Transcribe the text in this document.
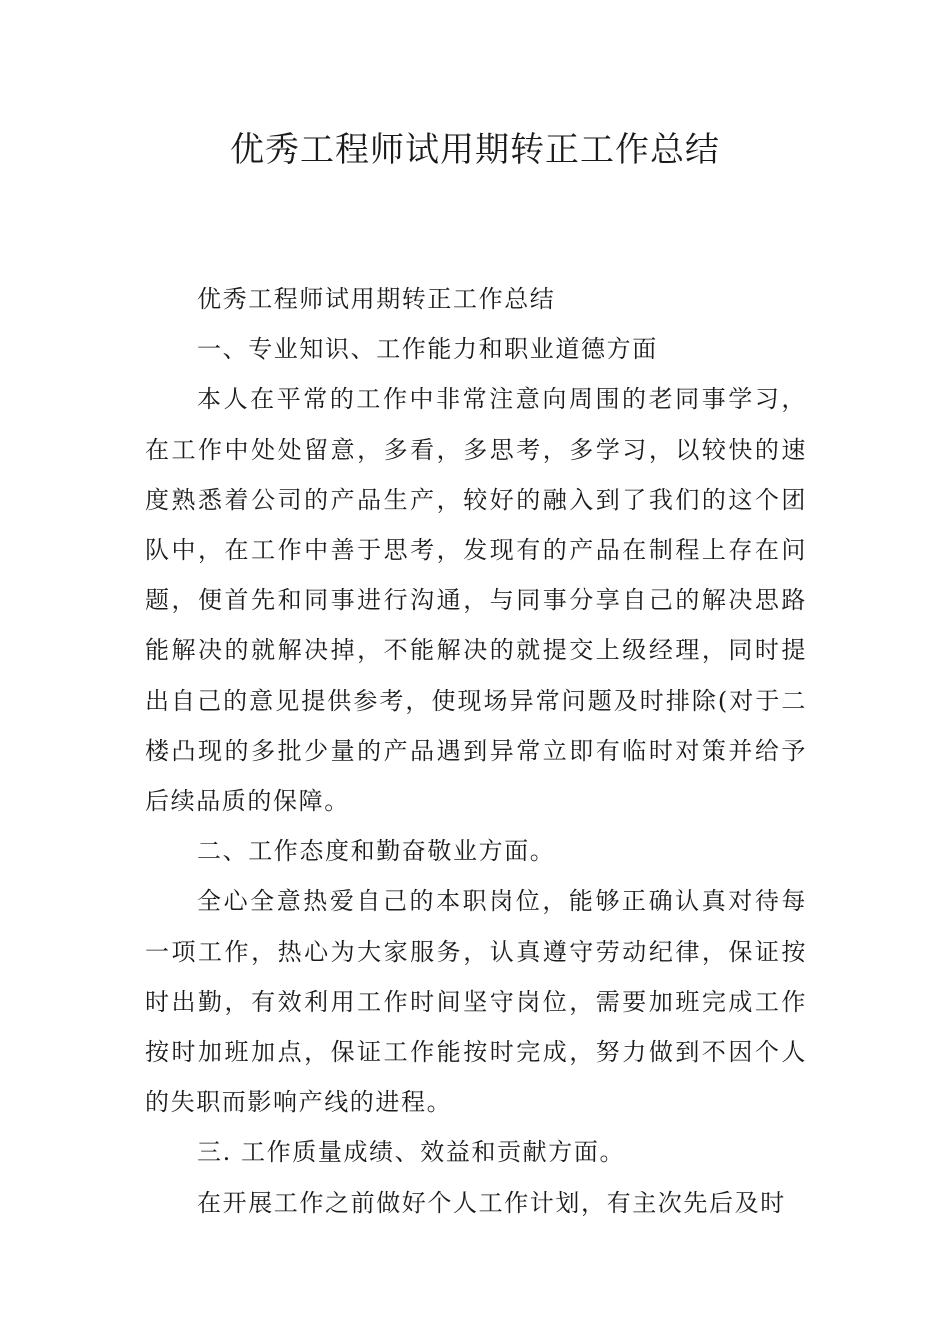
优秀工程师试用期转正工作总结

优秀工程师试用期转正工作总结

一、专业知识、工作能力和职业道德方面

本人在平常的工作中非常注意向周围的老同事学习，在工作中处处留意，多看，多思考，多学习，以较快的速度熟悉着公司的产品生产，较好的融入到了我们的这个团队中，在工作中善于思考，发现有的产品在制程上存在问题，便首先和同事进行沟通，与同事分享自己的解决思路能解决的就解决掉，不能解决的就提交上级经理，同时提出自己的意见提供参考，使现场异常问题及时排除(对于二楼凸现的多批少量的产品遇到异常立即有临时对策并给予后续品质的保障。

二、工作态度和勤奋敬业方面。

全心全意热爱自己的本职岗位，能够正确认真对待每一项工作，热心为大家服务，认真遵守劳动纪律，保证按时出勤，有效利用工作时间坚守岗位，需要加班完成工作按时加班加点，保证工作能按时完成，努力做到不因个人的失职而影响产线的进程。

三. 工作质量成绩、效益和贡献方面。

在开展工作之前做好个人工作计划，有主次先后及时
